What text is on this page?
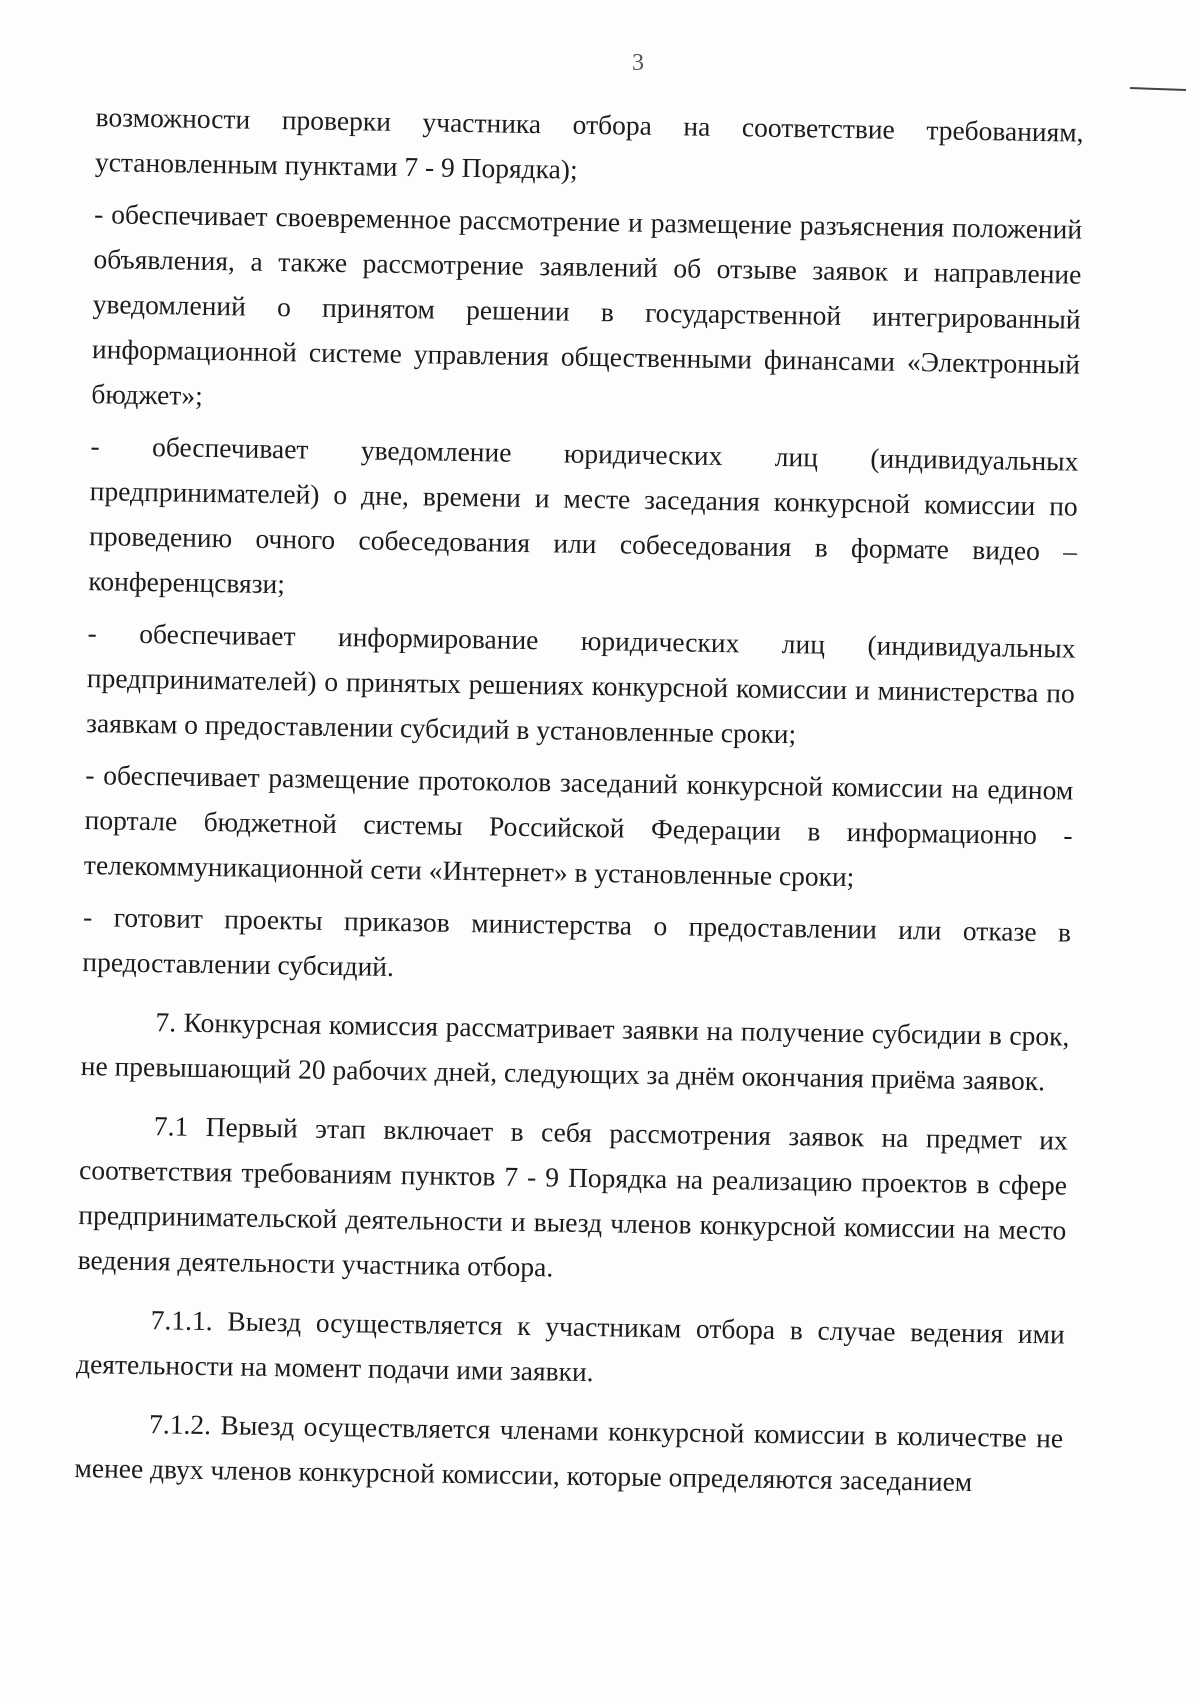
3

возможности проверки участника отбора на соответствие требованиям, установленным пунктами 7 - 9 Порядка);

- обеспечивает своевременное рассмотрение и размещение разъяснения положений объявления, а также рассмотрение заявлений об отзыве заявок и направление уведомлений о принятом решении в государственной интегрированный информационной системе управления общественными финансами «Электронный бюджет»;

- обеспечивает уведомление юридических лиц (индивидуальных предпринимателей) о дне, времени и месте заседания конкурсной комиссии по проведению очного собеседования или собеседования в формате видео – конференцсвязи;

- обеспечивает информирование юридических лиц (индивидуальных предпринимателей) о принятых решениях конкурсной комиссии и министерства по заявкам о предоставлении субсидий в установленные сроки;

- обеспечивает размещение протоколов заседаний конкурсной комиссии на едином портале бюджетной системы Российской Федерации в информационно - телекоммуникационной сети «Интернет» в установленные сроки;

- готовит проекты приказов министерства о предоставлении или отказе в предоставлении субсидий.

7. Конкурсная комиссия рассматривает заявки на получение субсидии в срок, не превышающий 20 рабочих дней, следующих за днём окончания приёма заявок.

7.1 Первый этап включает в себя рассмотрения заявок на предмет их соответствия требованиям пунктов 7 - 9 Порядка на реализацию проектов в сфере предпринимательской деятельности и выезд членов конкурсной комиссии на место ведения деятельности участника отбора.

7.1.1. Выезд осуществляется к участникам отбора в случае ведения ими деятельности на момент подачи ими заявки.

7.1.2. Выезд осуществляется членами конкурсной комиссии в количестве не менее двух членов конкурсной комиссии, которые определяются заседанием
